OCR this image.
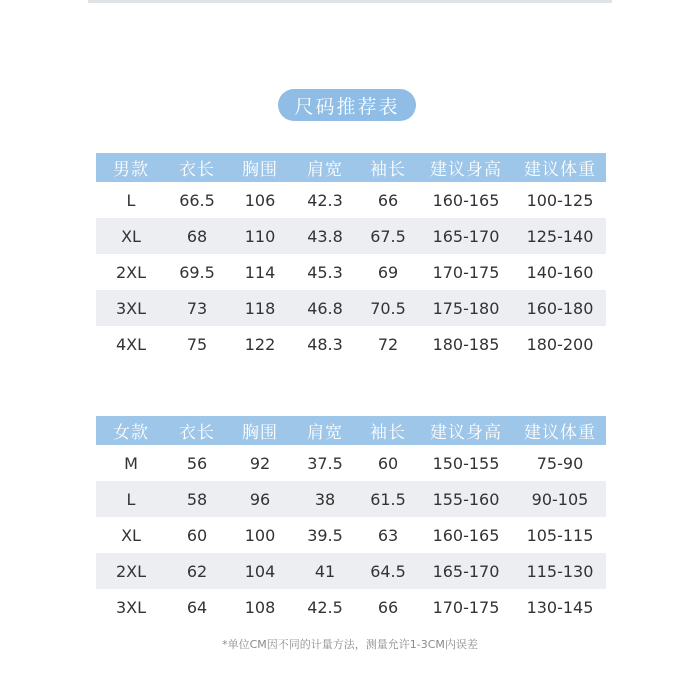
尺码推荐表
男款	衣长	胸围	肩宽	袖长	建议身高	建议体重
L	66.5	106	42.3	66	160-165	100-125
XL	68	110	43.8	67.5	165-170	125-140
2XL	69.5	114	45.3	69	170-175	140-160
3XL	73	118	46.8	70.5	175-180	160-180
4XL	75	122	48.3	72	180-185	180-200
女款	衣长	胸围	肩宽	袖长	建议身高	建议体重
M	56	92	37.5	60	150-155	75-90
L	58	96	38	61.5	155-160	90-105
XL	60	100	39.5	63	160-165	105-115
2XL	62	104	41	64.5	165-170	115-130
3XL	64	108	42.5	66	170-175	130-145
*单位CM因不同的计量方法，测量允许1-3CM内误差
